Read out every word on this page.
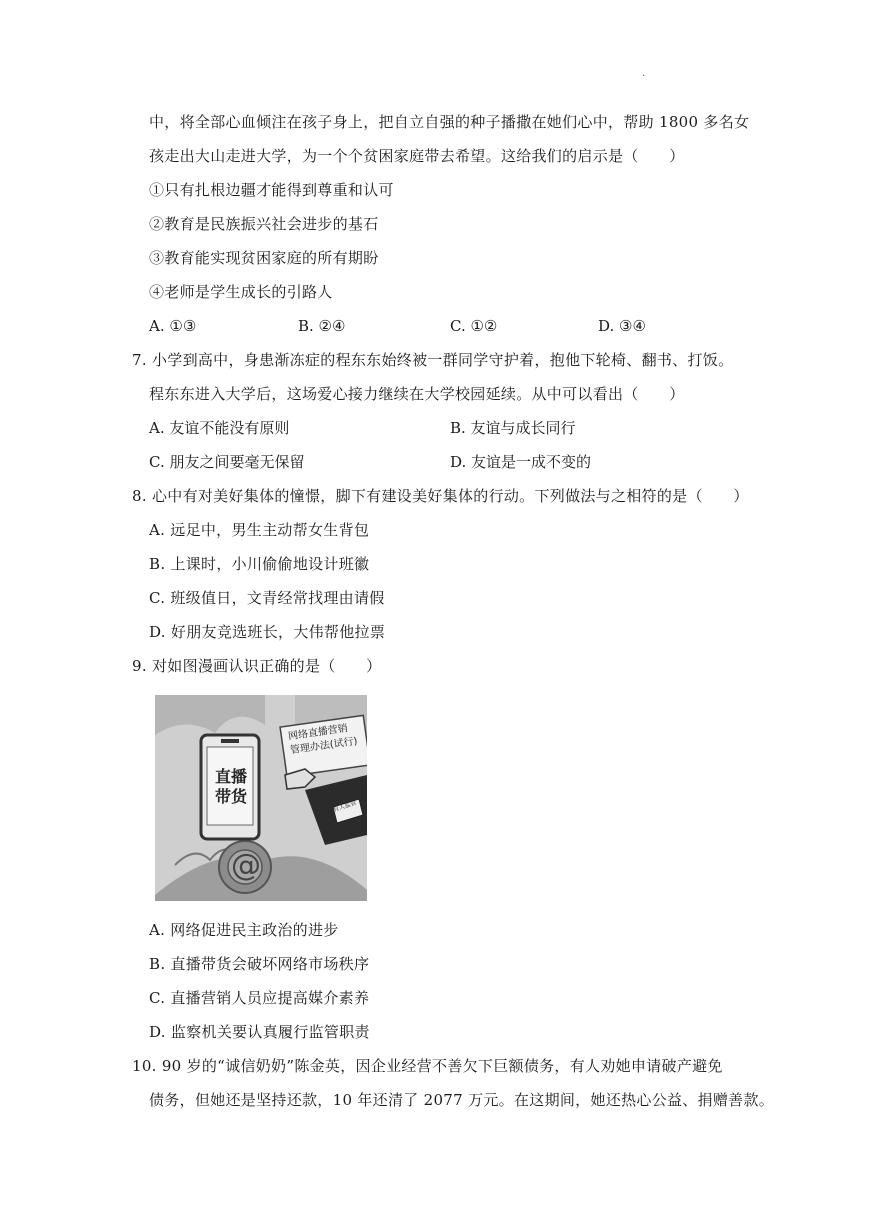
.
中，将全部心血倾注在孩子身上，把自立自强的种子播撒在她们心中，帮助 1800 多名女
孩走出大山走进大学，为一个个贫困家庭带去希望。这给我们的启示是（　　）
①只有扎根边疆才能得到尊重和认可
②教育是民族振兴社会进步的基石
③教育能实现贫困家庭的所有期盼
④老师是学生成长的引路人
A. ①③	B. ②④	C. ①②	D. ③④
7. 小学到高中，身患渐冻症的程东东始终被一群同学守护着，抱他下轮椅、翻书、打饭。
程东东进入大学后，这场爱心接力继续在大学校园延续。从中可以看出（　　）
A. 友谊不能没有原则	B. 友谊与成长同行
C. 朋友之间要毫无保留	D. 友谊是一成不变的
8. 心中有对美好集体的憧憬，脚下有建设美好集体的行动。下列做法与之相符的是（　　）
A. 远足中，男生主动帮女生背包
B. 上课时，小川偷偷地设计班徽
C. 班级值日，文青经常找理由请假
D. 好朋友竞选班长，大伟帮他拉票
9. 对如图漫画认识正确的是（　　）
直播
带货
网络直播营销
管理办法(试行)
有人监管
@
A. 网络促进民主政治的进步
B. 直播带货会破坏网络市场秩序
C. 直播营销人员应提高媒介素养
D. 监察机关要认真履行监管职责
10. 90 岁的“诚信奶奶”陈金英，因企业经营不善欠下巨额债务，有人劝她申请破产避免
债务，但她还是坚持还款，10 年还清了 2077 万元。在这期间，她还热心公益、捐赠善款。
